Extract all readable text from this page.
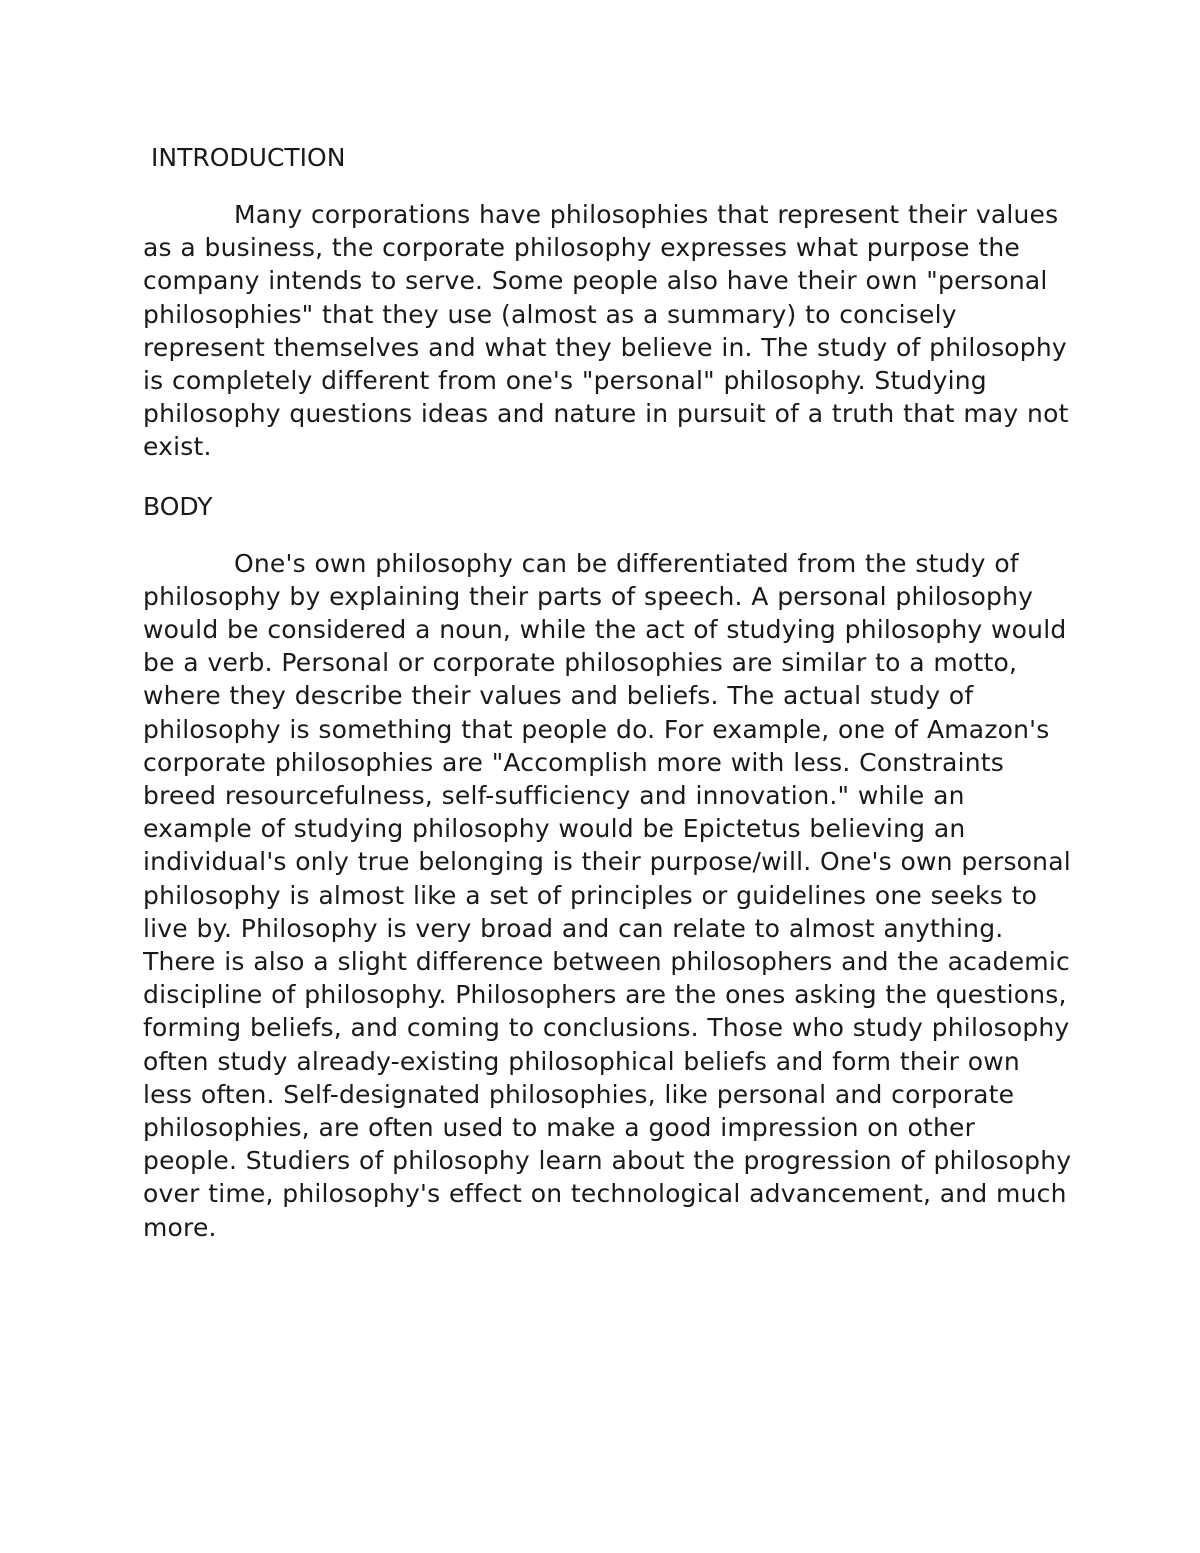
INTRODUCTION

Many corporations have philosophies that represent their values as a business, the corporate philosophy expresses what purpose the company intends to serve. Some people also have their own "personal philosophies" that they use (almost as a summary) to concisely represent themselves and what they believe in. The study of philosophy is completely different from one's "personal" philosophy. Studying philosophy questions ideas and nature in pursuit of a truth that may not exist.

BODY

One's own philosophy can be differentiated from the study of philosophy by explaining their parts of speech. A personal philosophy would be considered a noun, while the act of studying philosophy would be a verb. Personal or corporate philosophies are similar to a motto, where they describe their values and beliefs. The actual study of philosophy is something that people do. For example, one of Amazon's corporate philosophies are "Accomplish more with less. Constraints breed resourcefulness, self-sufficiency and innovation." while an example of studying philosophy would be Epictetus believing an individual's only true belonging is their purpose/will. One's own personal philosophy is almost like a set of principles or guidelines one seeks to live by. Philosophy is very broad and can relate to almost anything. There is also a slight difference between philosophers and the academic discipline of philosophy. Philosophers are the ones asking the questions, forming beliefs, and coming to conclusions. Those who study philosophy often study already-existing philosophical beliefs and form their own less often. Self-designated philosophies, like personal and corporate philosophies, are often used to make a good impression on other people. Studiers of philosophy learn about the progression of philosophy over time, philosophy's effect on technological advancement, and much more.
